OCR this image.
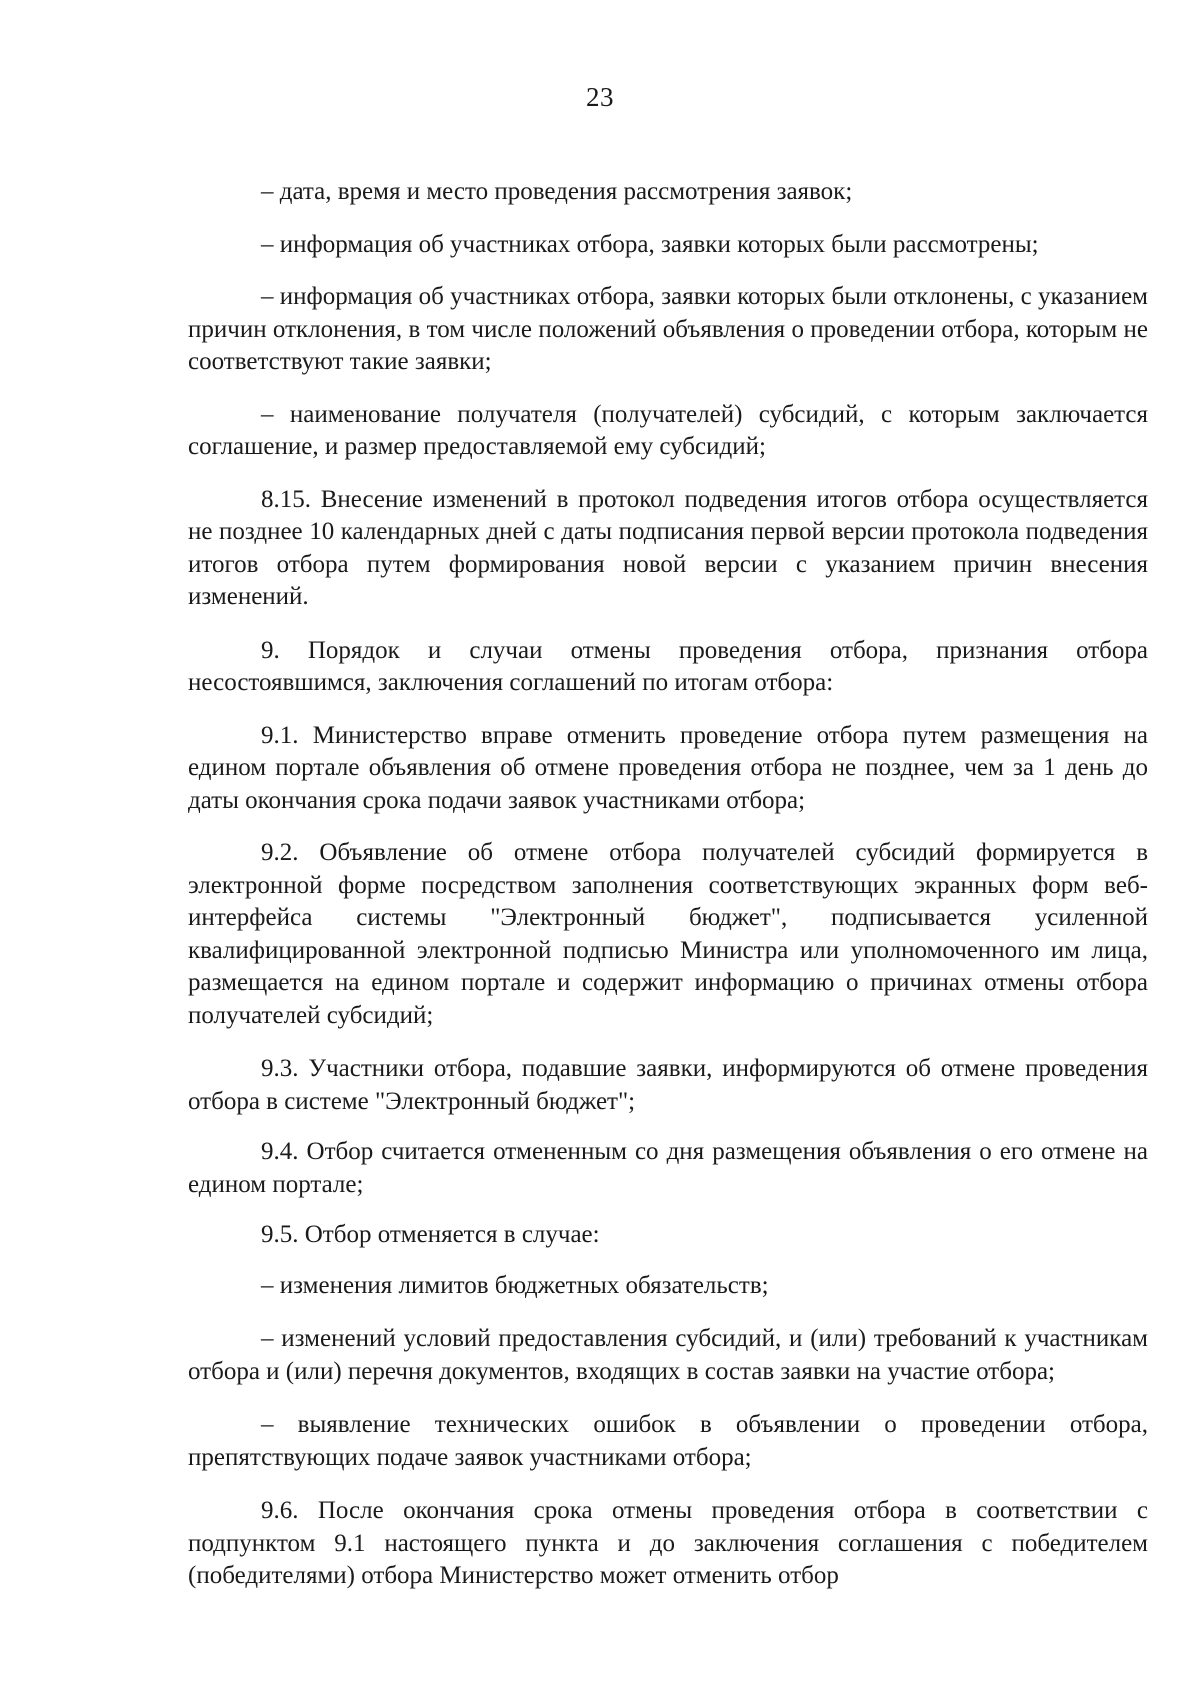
23

– дата, время и место проведения рассмотрения заявок;

– информация об участниках отбора, заявки которых были рассмотрены;

– информация об участниках отбора, заявки которых были отклонены, с указанием причин отклонения, в том числе положений объявления о проведении отбора, которым не соответствуют такие заявки;

– наименование получателя (получателей) субсидий, с которым заключается соглашение, и размер предоставляемой ему субсидий;

8.15. Внесение изменений в протокол подведения итогов отбора осуществляется не позднее 10 календарных дней с даты подписания первой версии протокола подведения итогов отбора путем формирования новой версии с указанием причин внесения изменений.

9. Порядок и случаи отмены проведения отбора, признания отбора несостоявшимся, заключения соглашений по итогам отбора:

9.1. Министерство вправе отменить проведение отбора путем размещения на едином портале объявления об отмене проведения отбора не позднее, чем за 1 день до даты окончания срока подачи заявок участниками отбора;

9.2. Объявление об отмене отбора получателей субсидий формируется в электронной форме посредством заполнения соответствующих экранных форм веб-интерфейса системы "Электронный бюджет", подписывается усиленной квалифицированной электронной подписью Министра или уполномоченного им лица, размещается на едином портале и содержит информацию о причинах отмены отбора получателей субсидий;

9.3. Участники отбора, подавшие заявки, информируются об отмене проведения отбора в системе "Электронный бюджет";

9.4. Отбор считается отмененным со дня размещения объявления о его отмене на едином портале;

9.5. Отбор отменяется в случае:

– изменения лимитов бюджетных обязательств;

– изменений условий предоставления субсидий, и (или) требований к участникам отбора и (или) перечня документов, входящих в состав заявки на участие отбора;

– выявление технических ошибок в объявлении о проведении отбора, препятствующих подаче заявок участниками отбора;

9.6. После окончания срока отмены проведения отбора в соответствии с подпунктом 9.1 настоящего пункта и до заключения соглашения с победителем (победителями) отбора Министерство может отменить отбор
